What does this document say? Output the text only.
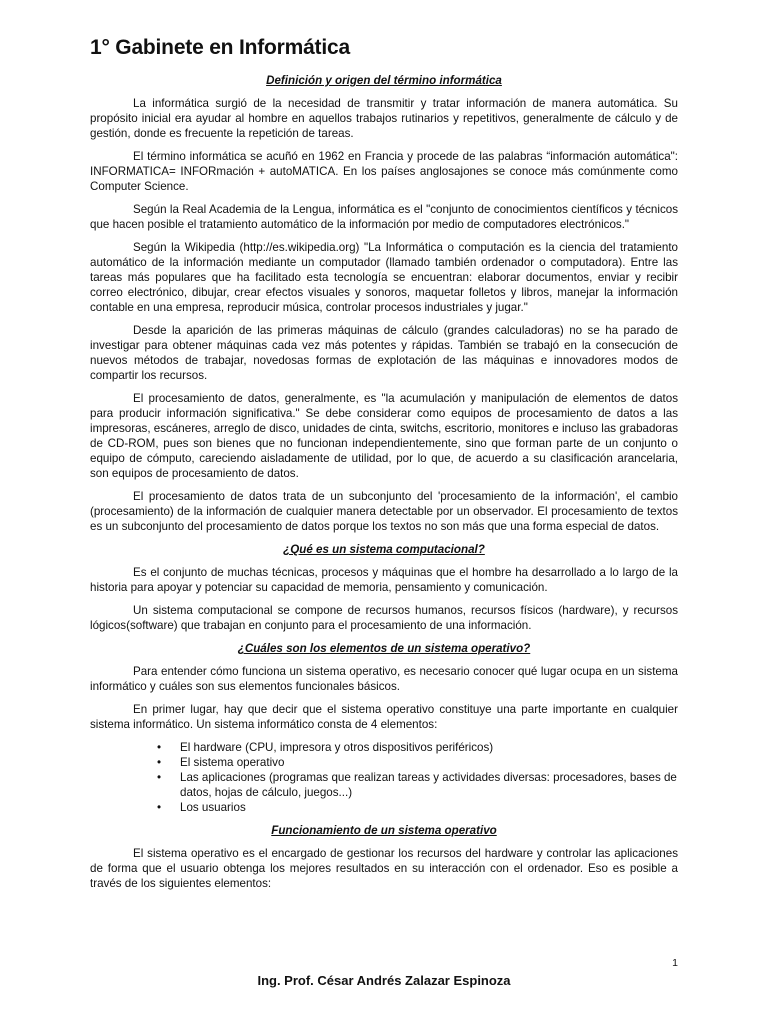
1° Gabinete en Informática
Definición y origen del término informática

La informática surgió de la necesidad de transmitir y tratar información de manera automática. Su propósito inicial era ayudar al hombre en aquellos trabajos rutinarios y repetitivos, generalmente de cálculo y de gestión, donde es frecuente la repetición de tareas.

El término informática se acuñó en 1962 en Francia y procede de las palabras “información automática": INFORMATICA= INFORmación + autoMATICA. En los países anglosajones se conoce más comúnmente como Computer Science.

Según la Real Academia de la Lengua, informática es el "conjunto de conocimientos científicos y técnicos que hacen posible el tratamiento automático de la información por medio de computadores electrónicos."

Según la Wikipedia (http://es.wikipedia.org) "La Informática o computación es la ciencia del tratamiento automático de la información mediante un computador (llamado también ordenador o computadora). Entre las tareas más populares que ha facilitado esta tecnología se encuentran: elaborar documentos, enviar y recibir correo electrónico, dibujar, crear efectos visuales y sonoros, maquetar folletos y libros, manejar la información contable en una empresa, reproducir música, controlar procesos industriales y jugar."

Desde la aparición de las primeras máquinas de cálculo (grandes calculadoras) no se ha parado de investigar para obtener máquinas cada vez más potentes y rápidas. También se trabajó en la consecución de nuevos métodos de trabajar, novedosas formas de explotación de las máquinas e innovadores modos de compartir los recursos.

El procesamiento de datos, generalmente, es "la acumulación y manipulación de elementos de datos para producir información significativa." Se debe considerar como equipos de procesamiento de datos a las impresoras, escáneres, arreglo de disco, unidades de cinta, switchs, escritorio, monitores e incluso las grabadoras de CD-ROM, pues son bienes que no funcionan independientemente, sino que forman parte de un conjunto o equipo de cómputo, careciendo aisladamente de utilidad, por lo que, de acuerdo a su clasificación arancelaria, son equipos de procesamiento de datos.

El procesamiento de datos trata de un subconjunto del 'procesamiento de la información', el cambio (procesamiento) de la información de cualquier manera detectable por un observador. El procesamiento de textos es un subconjunto del procesamiento de datos porque los textos no son más que una forma especial de datos.

¿Qué es un sistema computacional?

Es el conjunto de muchas técnicas, procesos y máquinas que el hombre ha desarrollado a lo largo de la historia para apoyar y potenciar su capacidad de memoria, pensamiento y comunicación.

Un sistema computacional se compone de recursos humanos, recursos físicos (hardware), y recursos lógicos(software) que trabajan en conjunto para el procesamiento de una información.

¿Cuáles son los elementos de un sistema operativo?

Para entender cómo funciona un sistema operativo, es necesario conocer qué lugar ocupa en un sistema informático y cuáles son sus elementos funcionales básicos.

En primer lugar, hay que decir que el sistema operativo constituye una parte importante en cualquier sistema informático. Un sistema informático consta de 4 elementos:

• El hardware (CPU, impresora y otros dispositivos periféricos)
• El sistema operativo
• Las aplicaciones (programas que realizan tareas y actividades diversas: procesadores, bases de datos, hojas de cálculo, juegos...)
• Los usuarios
Funcionamiento de un sistema operativo

El sistema operativo es el encargado de gestionar los recursos del hardware y controlar las aplicaciones de forma que el usuario obtenga los mejores resultados en su interacción con el ordenador. Eso es posible a través de los siguientes elementos:

1
Ing. Prof. César Andrés Zalazar Espinoza
